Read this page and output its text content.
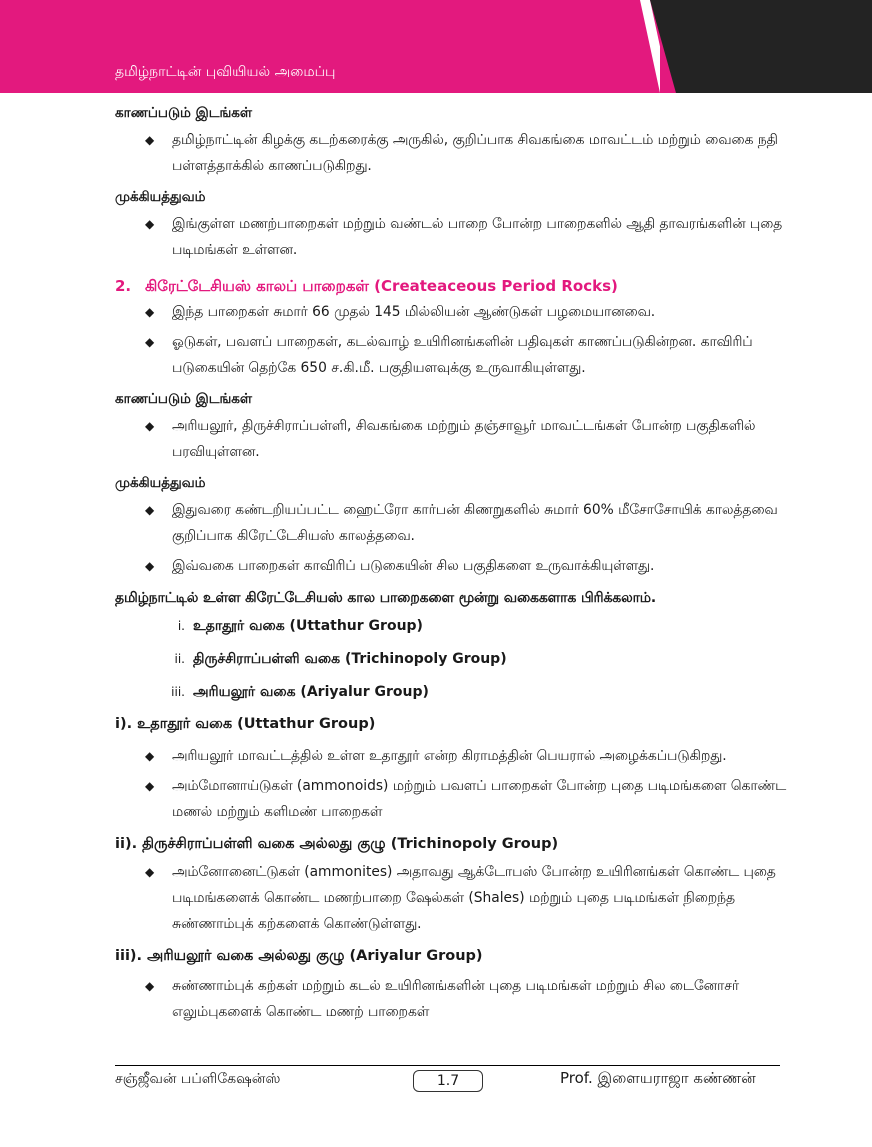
தமிழ்நாட்டின் புவியியல் அமைப்பு
காணப்படும் இடங்கள்
◆ தமிழ்நாட்டின் கிழக்கு கடற்கரைக்கு அருகில், குறிப்பாக சிவகங்கை மாவட்டம் மற்றும் வைகை நதி பள்ளத்தாக்கில் காணப்படுகிறது.
முக்கியத்துவம்
◆ இங்குள்ள மணற்பாறைகள் மற்றும் வண்டல் பாறை போன்ற பாறைகளில் ஆதி தாவரங்களின் புதை படிமங்கள் உள்ளன.
2. கிரேட்டேசியஸ் காலப் பாறைகள் (Createaceous Period Rocks)
◆ இந்த பாறைகள் சுமார் 66 முதல் 145 மில்லியன் ஆண்டுகள் பழமையானவை.
◆ ஓடுகள், பவளப் பாறைகள், கடல்வாழ் உயிரினங்களின் பதிவுகள் காணப்படுகின்றன. காவிரிப் படுகையின் தெற்கே 650 ச.கி.மீ. பகுதியளவுக்கு உருவாகியுள்ளது.
காணப்படும் இடங்கள்
◆ அரியலூர், திருச்சிராப்பள்ளி, சிவகங்கை மற்றும் தஞ்சாவூர் மாவட்டங்கள் போன்ற பகுதிகளில் பரவியுள்ளன.
முக்கியத்துவம்
◆ இதுவரை கண்டறியப்பட்ட ஹைட்ரோ கார்பன் கிணறுகளில் சுமார் 60% மீசோசோயிக் காலத்தவை குறிப்பாக கிரேட்டேசியஸ் காலத்தவை.
◆ இவ்வகை பாறைகள் காவிரிப் படுகையின் சில பகுதிகளை உருவாக்கியுள்ளது.
தமிழ்நாட்டில் உள்ள கிரேட்டேசியஸ் கால பாறைகளை மூன்று வகைகளாக பிரிக்கலாம்.
i. உதாதூர் வகை (Uttathur Group)
ii. திருச்சிராப்பள்ளி வகை (Trichinopoly Group)
iii. அரியலூர் வகை (Ariyalur Group)
i). உதாதூர் வகை (Uttathur Group)
◆ அரியலூர் மாவட்டத்தில் உள்ள உதாதூர் என்ற கிராமத்தின் பெயரால் அழைக்கப்படுகிறது.
◆ அம்மோனாய்டுகள் (ammonoids) மற்றும் பவளப் பாறைகள் போன்ற புதை படிமங்களை கொண்ட மணல் மற்றும் களிமண் பாறைகள்
ii). திருச்சிராப்பள்ளி வகை அல்லது குழு (Trichinopoly Group)
◆ அம்னோனைட்டுகள் (ammonites) அதாவது ஆக்டோபஸ் போன்ற உயிரினங்கள் கொண்ட புதை படிமங்களைக் கொண்ட மணற்பாறை ஷேல்கள் (Shales) மற்றும் புதை படிமங்கள் நிறைந்த சுண்ணாம்புக் கற்களைக் கொண்டுள்ளது.
iii). அரியலூர் வகை அல்லது குழு (Ariyalur Group)
◆ சுண்ணாம்புக் கற்கள் மற்றும் கடல் உயிரினங்களின் புதை படிமங்கள் மற்றும் சில டைனோசர் எலும்புகளைக் கொண்ட மணற் பாறைகள்
சஞ்ஜீவன் பப்ளிகேஷன்ஸ்	1.7	Prof. இளையராஜா கண்ணன்
